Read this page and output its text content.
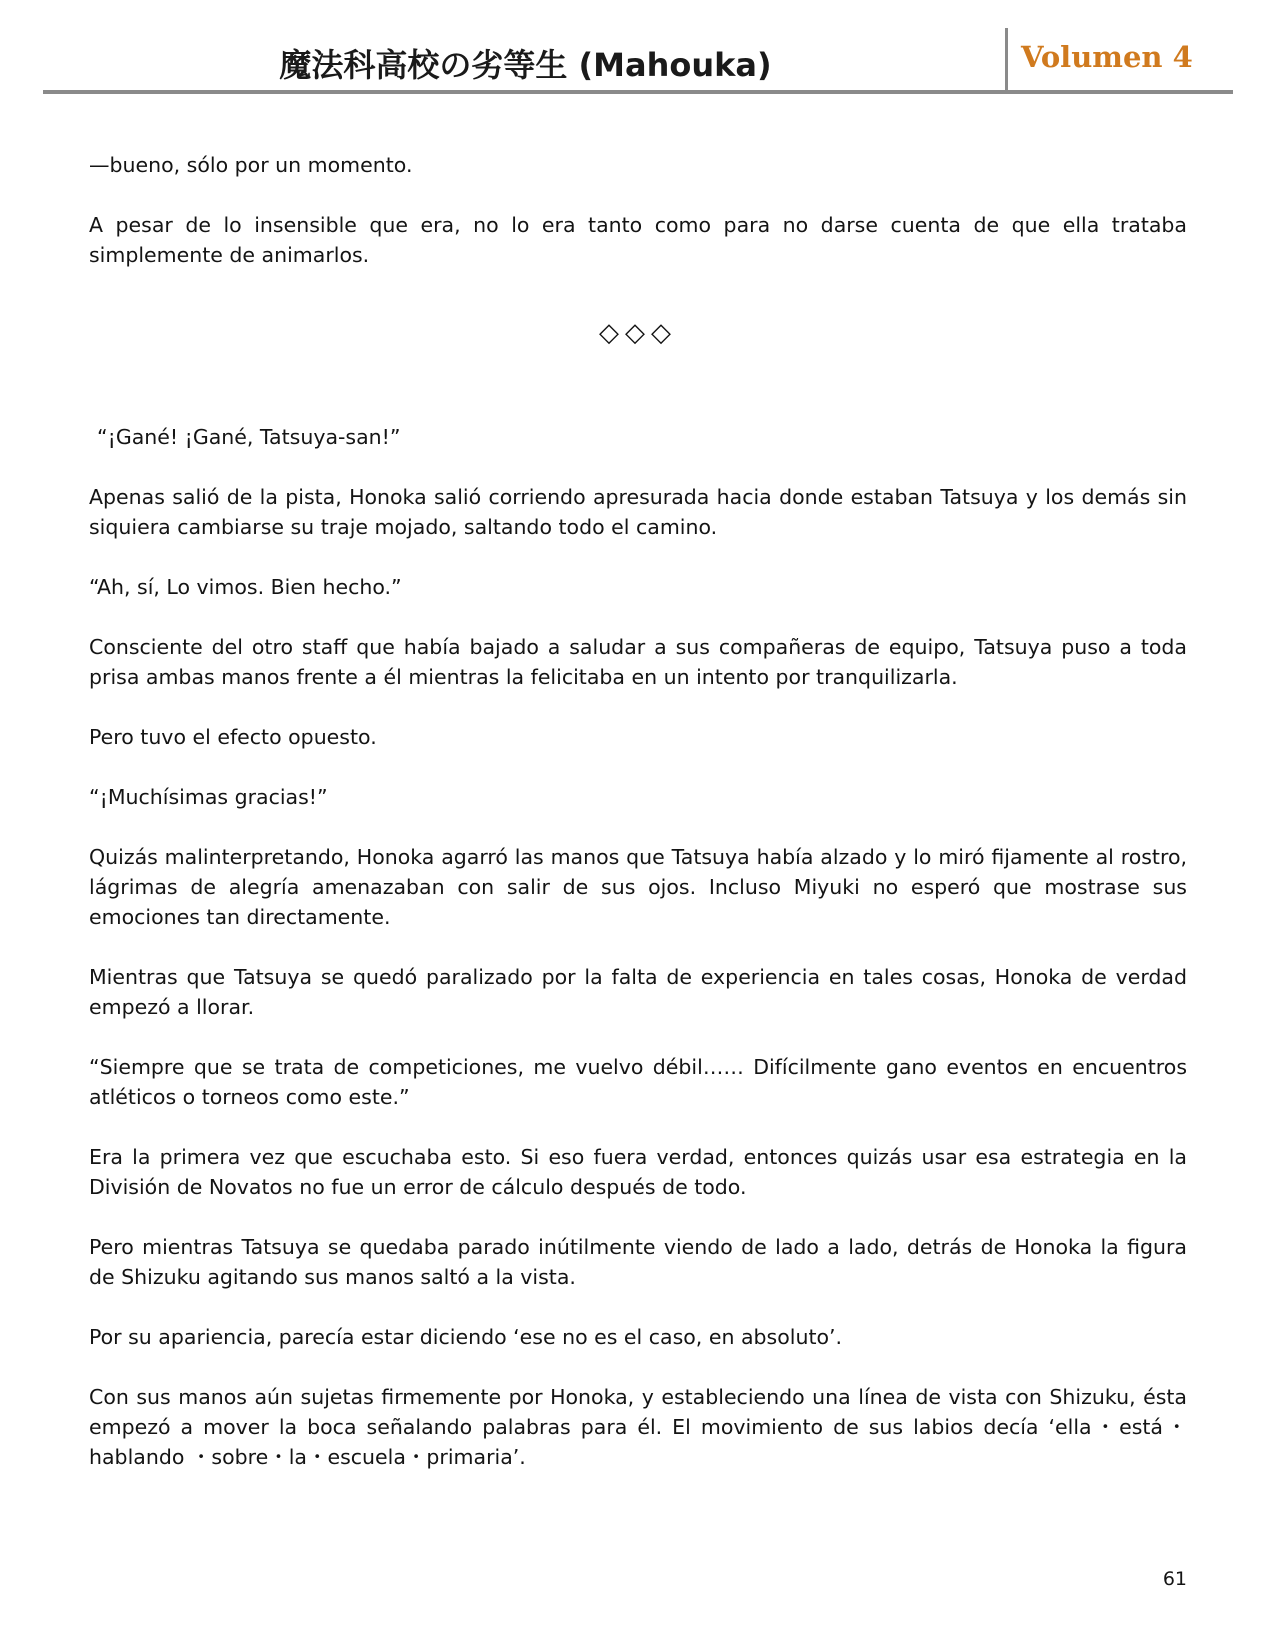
魔法科高校の劣等生 (Mahouka)	Volumen 4

—bueno, sólo por un momento.

A pesar de lo insensible que era, no lo era tanto como para no darse cuenta de que ella trataba simplemente de animarlos.

◇◇◇

“¡Gané! ¡Gané, Tatsuya-san!”

Apenas salió de la pista, Honoka salió corriendo apresurada hacia donde estaban Tatsuya y los demás sin siquiera cambiarse su traje mojado, saltando todo el camino.

“Ah, sí, Lo vimos. Bien hecho.”

Consciente del otro staff que había bajado a saludar a sus compañeras de equipo, Tatsuya puso a toda prisa ambas manos frente a él mientras la felicitaba en un intento por tranquilizarla.

Pero tuvo el efecto opuesto.

“¡Muchísimas gracias!”

Quizás malinterpretando, Honoka agarró las manos que Tatsuya había alzado y lo miró fijamente al rostro, lágrimas de alegría amenazaban con salir de sus ojos. Incluso Miyuki no esperó que mostrase sus emociones tan directamente.

Mientras que Tatsuya se quedó paralizado por la falta de experiencia en tales cosas, Honoka de verdad empezó a llorar.

“Siempre que se trata de competiciones, me vuelvo débil…… Difícilmente gano eventos en encuentros atléticos o torneos como este.”

Era la primera vez que escuchaba esto. Si eso fuera verdad, entonces quizás usar esa estrategia en la División de Novatos no fue un error de cálculo después de todo.

Pero mientras Tatsuya se quedaba parado inútilmente viendo de lado a lado, detrás de Honoka la figura de Shizuku agitando sus manos saltó a la vista.

Por su apariencia, parecía estar diciendo ‘ese no es el caso, en absoluto’.

Con sus manos aún sujetas firmemente por Honoka, y estableciendo una línea de vista con Shizuku, ésta empezó a mover la boca señalando palabras para él. El movimiento de sus labios decía ‘ella・está・hablando ・sobre・la・escuela・primaria’.

61
